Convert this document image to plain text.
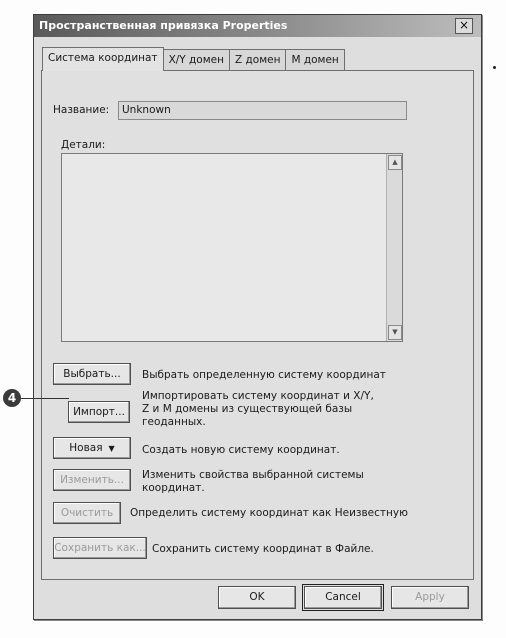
Пространственная привязка Properties	×
Система координат	X/Y домен	Z домен	M домен
Название:	Unknown
Детали:
▲
▼
Выбрать...	Выбрать определенную систему координат
Импорт...
Импортировать систему координат и X/Y,
Z и M домены из существующей базы
геоданных.
Новая ▼	Создать новую систему координат.
Изменить...	Изменить свойства выбранной системы
координат.
Очистить	Определить систему координат как Неизвестную
Сохранить как... Сохранить систему координат в Файле.
OK	Cancel	Apply
4
